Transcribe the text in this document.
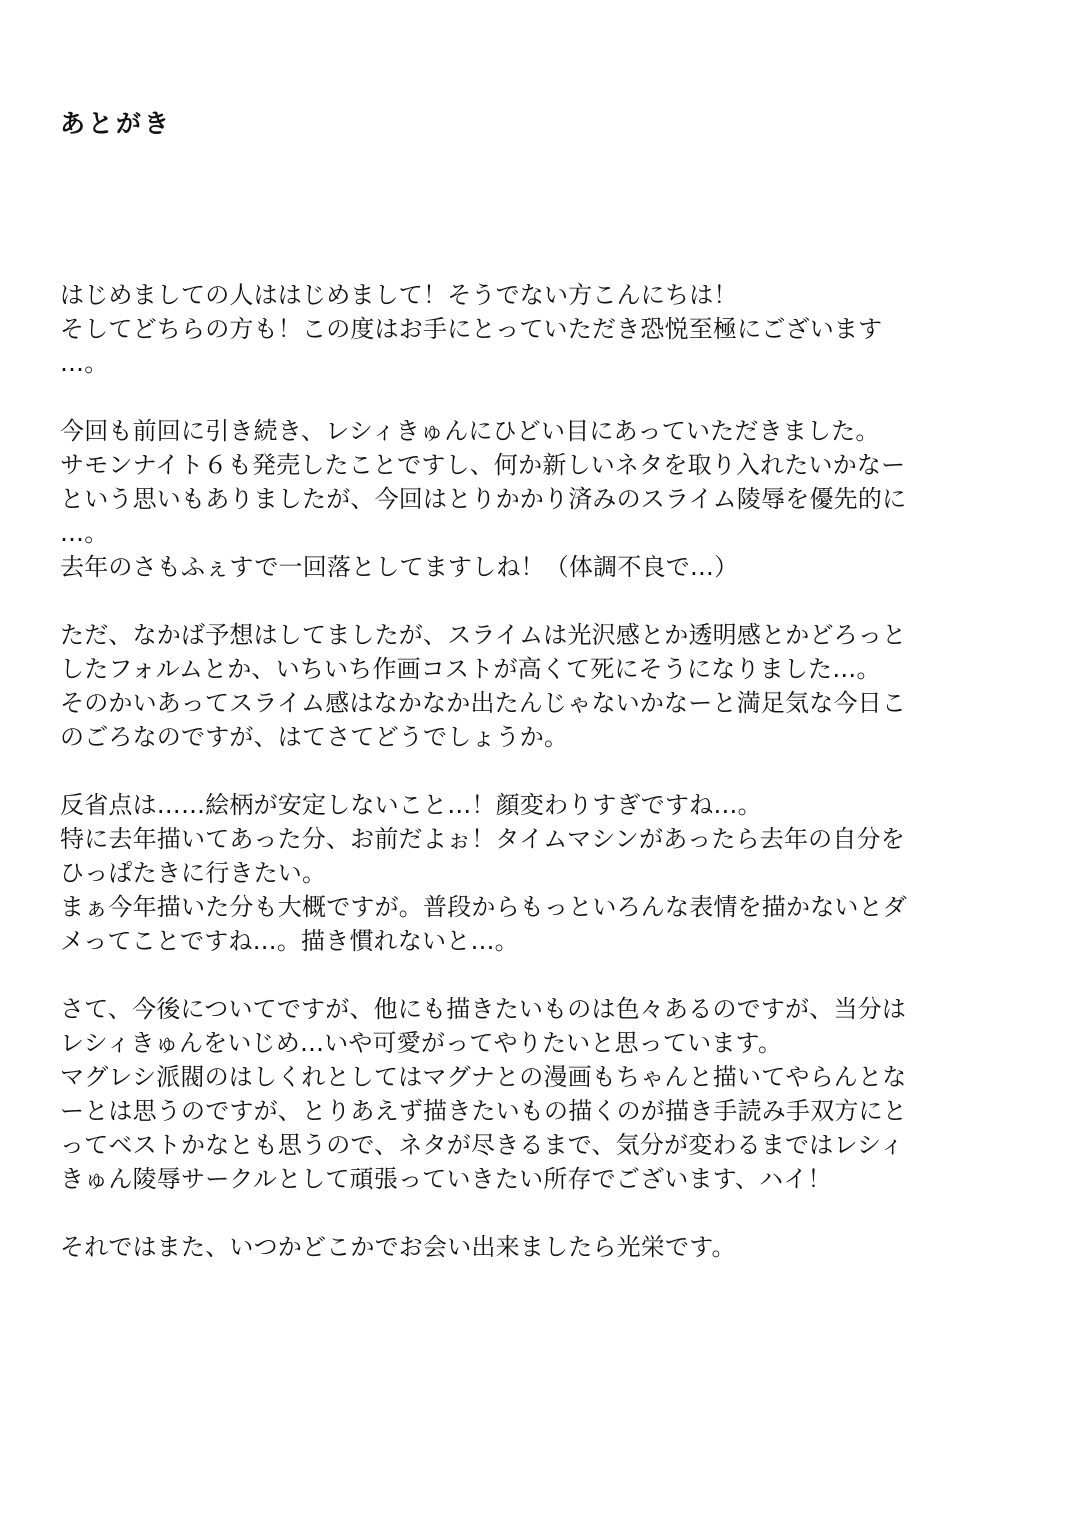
あとがき
はじめましての人ははじめまして！そうでない方こんにちは！
そしてどちらの方も！この度はお手にとっていただき恐悦至極にございます
…。
今回も前回に引き続き、レシィきゅんにひどい目にあっていただきました。
サモンナイト６も発売したことですし、何か新しいネタを取り入れたいかなー
という思いもありましたが、今回はとりかかり済みのスライム陵辱を優先的に
…。
去年のさもふぇすで一回落としてますしね！（体調不良で…）
ただ、なかば予想はしてましたが、スライムは光沢感とか透明感とかどろっと
したフォルムとか、いちいち作画コストが高くて死にそうになりました…。
そのかいあってスライム感はなかなか出たんじゃないかなーと満足気な今日こ
のごろなのですが、はてさてどうでしょうか。
反省点は……絵柄が安定しないこと…！顔変わりすぎですね…。
特に去年描いてあった分、お前だよぉ！タイムマシンがあったら去年の自分を
ひっぱたきに行きたい。
まぁ今年描いた分も大概ですが。普段からもっといろんな表情を描かないとダ
メってことですね…。描き慣れないと…。
さて、今後についてですが、他にも描きたいものは色々あるのですが、当分は
レシィきゅんをいじめ…いや可愛がってやりたいと思っています。
マグレシ派閥のはしくれとしてはマグナとの漫画もちゃんと描いてやらんとな
ーとは思うのですが、とりあえず描きたいもの描くのが描き手読み手双方にと
ってベストかなとも思うので、ネタが尽きるまで、気分が変わるまではレシィ
きゅん陵辱サークルとして頑張っていきたい所存でございます、ハイ！
それではまた、いつかどこかでお会い出来ましたら光栄です。
